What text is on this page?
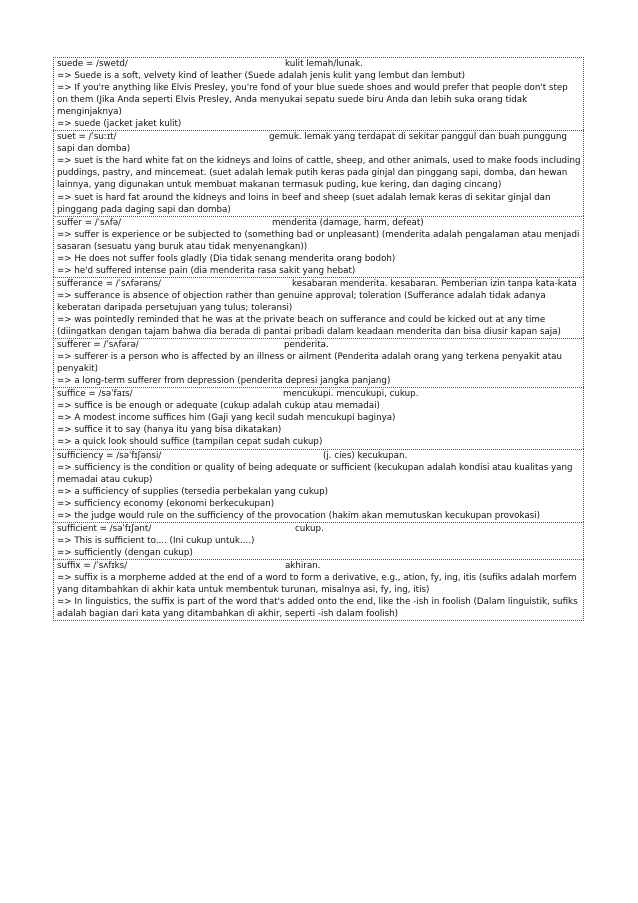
suede = /swetd/	kulit lemah/lunak.

=> Suede is a soft, velvety kind of leather (Suede adalah jenis kulit yang lembut dan lembut)

=> If you're anything like Elvis Presley, you're fond of your blue suede shoes and would prefer that people don't step on them (Jika Anda seperti Elvis Presley, Anda menyukai sepatu suede biru Anda dan lebih suka orang tidak menginjaknya)

=> suede (jacket jaket kulit)

suet = /ˈsuːɪt/	gemuk. lemak yang terdapat di sekitar panggul dan buah punggung sapi dan domba)

=> suet is the hard white fat on the kidneys and loins of cattle, sheep, and other animals, used to make foods including puddings, pastry, and mincemeat. (suet adalah lemak putih keras pada ginjal dan pinggang sapi, domba, dan hewan lainnya, yang digunakan untuk membuat makanan termasuk puding, kue kering, dan daging cincang)

=> suet is hard fat around the kidneys and loins in beef and sheep (suet adalah lemak keras di sekitar ginjal dan pinggang pada daging sapi dan domba)

suffer = /ˈsʌfə/	menderita (damage, harm, defeat)

=> suffer is experience or be subjected to (something bad or unpleasant) (menderita adalah pengalaman atau menjadi sasaran (sesuatu yang buruk atau tidak menyenangkan))

=> He does not suffer fools gladly (Dia tidak senang menderita orang bodoh)

=> he'd suffered intense pain (dia menderita rasa sakit yang hebat)

sufferance = /ˈsʌfərəns/	kesabaran menderita. kesabaran. Pemberian izin tanpa kata-kata

=> sufferance is absence of objection rather than genuine approval; toleration (Sufferance adalah tidak adanya keberatan daripada persetujuan yang tulus; toleransi)

=> was pointedly reminded that he was at the private beach on sufferance and could be kicked out at any time (diingatkan dengan tajam bahwa dia berada di pantai pribadi dalam keadaan menderita dan bisa diusir kapan saja)

sufferer = /ˈsʌfərə/	penderita.

=> sufferer is a person who is affected by an illness or ailment (Penderita adalah orang yang terkena penyakit atau penyakit)

=> a long-term sufferer from depression (penderita depresi jangka panjang)

suffice = /səˈfaɪs/	mencukupi. mencukupi, cukup.

=> suffice is be enough or adequate (cukup adalah cukup atau memadai)

=> A modest income suffices him (Gaji yang kecil sudah mencukupi baginya)

=> suffice it to say (hanya itu yang bisa dikatakan)

=> a quick look should suffice (tampilan cepat sudah cukup)

sufficiency = /səˈfɪʃənsi/	(j. cies) kecukupan.

=> sufficiency is the condition or quality of being adequate or sufficient (kecukupan adalah kondisi atau kualitas yang memadai atau cukup)

=> a sufficiency of supplies (tersedia perbekalan yang cukup)

=> sufficiency economy (ekonomi berkecukupan)

=> the judge would rule on the sufficiency of the provocation (hakim akan memutuskan kecukupan provokasi)

sufficient = /səˈfɪʃənt/	cukup.

=> This is sufficient to.... (Ini cukup untuk....)

=> sufficiently (dengan cukup)

suffix = /ˈsʌfɪks/	akhiran.

=> suffix is a morpheme added at the end of a word to form a derivative, e.g., ation, fy, ing, itis (sufiks adalah morfem yang ditambahkan di akhir kata untuk membentuk turunan, misalnya asi, fy, ing, itis)

=> In linguistics, the suffix is part of the word that's added onto the end, like the -ish in foolish (Dalam linguistik, sufiks adalah bagian dari kata yang ditambahkan di akhir, seperti -ish dalam foolish)
